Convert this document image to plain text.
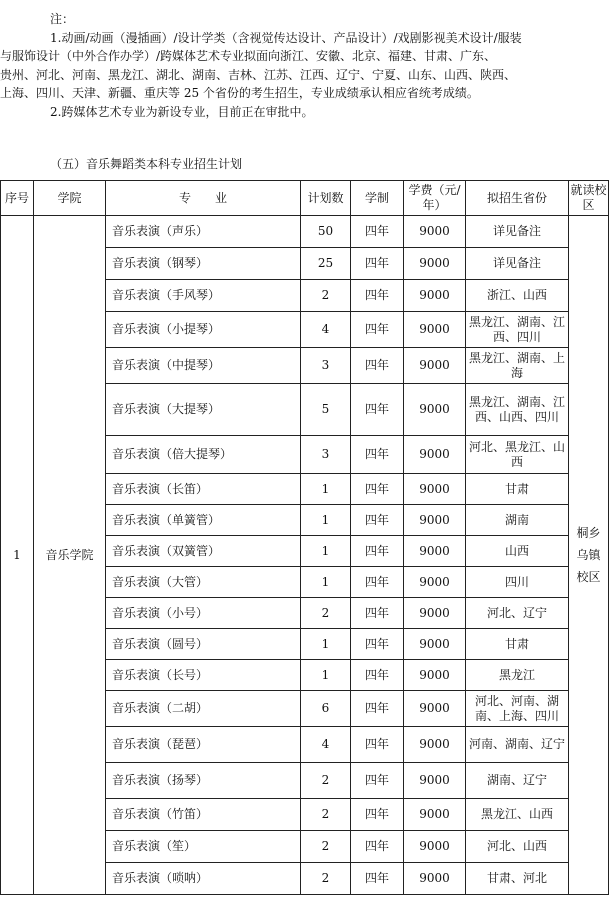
注：
1.动画/动画（漫插画）/设计学类（含视觉传达设计、产品设计）/戏剧影视美术设计/服装
与服饰设计（中外合作办学）/跨媒体艺术专业拟面向浙江、安徽、北京、福建、甘肃、广东、
贵州、河北、河南、黑龙江、湖北、湖南、吉林、江苏、江西、辽宁、宁夏、山东、山西、陕西、
上海、四川、天津、新疆、重庆等 25 个省份的考生招生，专业成绩承认相应省统考成绩。
2.跨媒体艺术专业为新设专业，目前正在审批中。
（五）音乐舞蹈类本科专业招生计划
序号	学院	专　　业	计划数	学制	学费（元/年）	拟招生省份	就读校区
1	音乐学院	音乐表演（声乐）	50	四年	9000	详见备注	桐乡乌镇校区
		音乐表演（钢琴）	25	四年	9000	详见备注	
		音乐表演（手风琴）	2	四年	9000	浙江、山西	
		音乐表演（小提琴）	4	四年	9000	黑龙江、湖南、江西、四川	
		音乐表演（中提琴）	3	四年	9000	黑龙江、湖南、上海	
		音乐表演（大提琴）	5	四年	9000	黑龙江、湖南、江西、山西、四川	
		音乐表演（倍大提琴）	3	四年	9000	河北、黑龙江、山西	
		音乐表演（长笛）	1	四年	9000	甘肃	
		音乐表演（单簧管）	1	四年	9000	湖南	
		音乐表演（双簧管）	1	四年	9000	山西	
		音乐表演（大管）	1	四年	9000	四川	
		音乐表演（小号）	2	四年	9000	河北、辽宁	
		音乐表演（圆号）	1	四年	9000	甘肃	
		音乐表演（长号）	1	四年	9000	黑龙江	
		音乐表演（二胡）	6	四年	9000	河北、河南、湖南、上海、四川	
		音乐表演（琵琶）	4	四年	9000	河南、湖南、辽宁	
		音乐表演（扬琴）	2	四年	9000	湖南、辽宁	
		音乐表演（竹笛）	2	四年	9000	黑龙江、山西	
		音乐表演（笙）	2	四年	9000	河北、山西	
		音乐表演（唢呐）	2	四年	9000	甘肃、河北	
